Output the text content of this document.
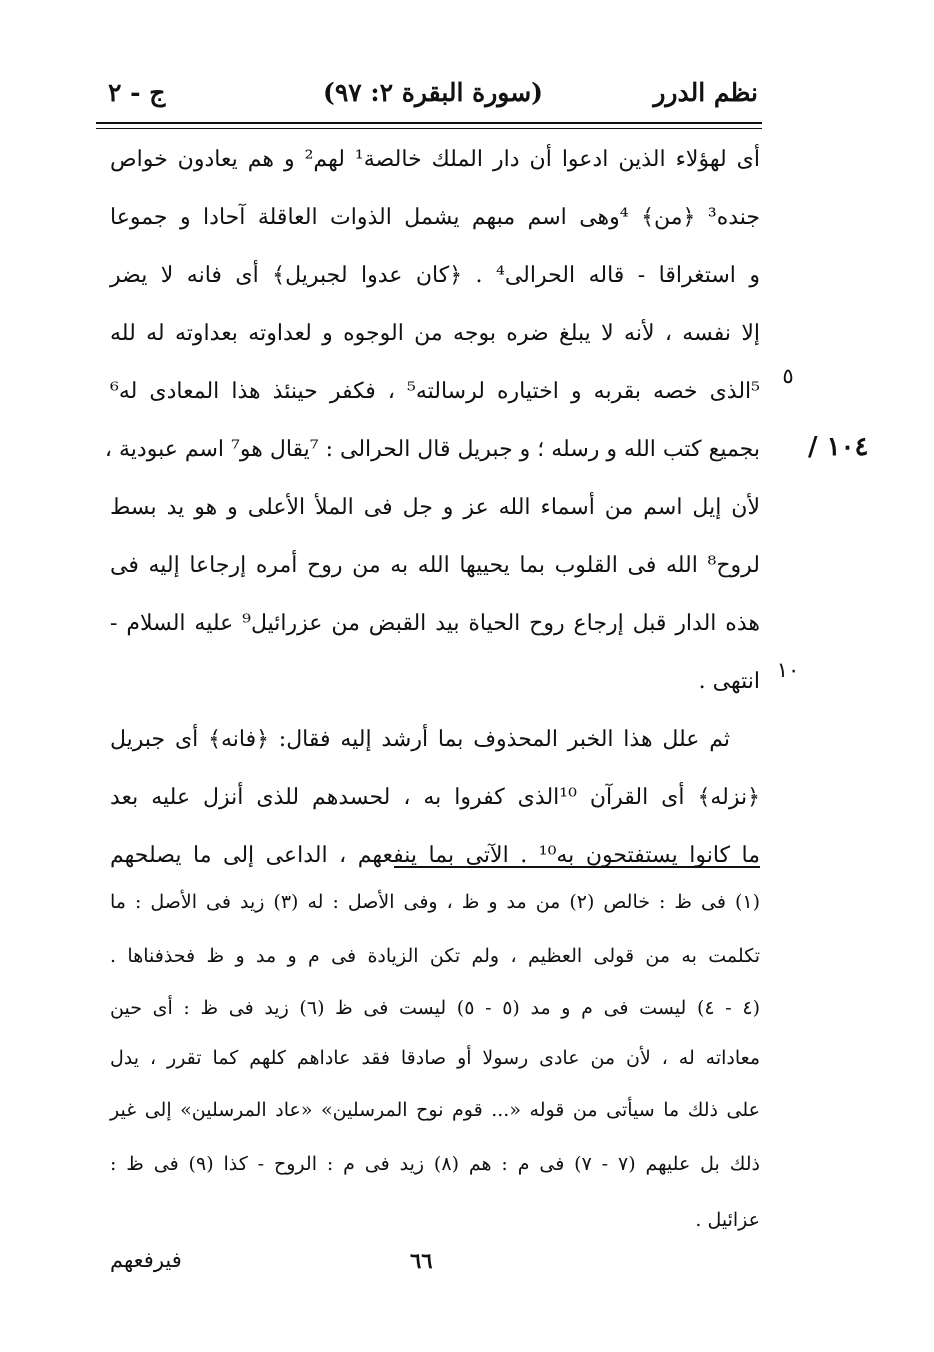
نظم الدرر
(سورة البقرة ٢: ٩٧)
ج - ٢
١٠٤ /
٥
١٠
أى لهؤلاء الذين ادعوا أن دار الملك خالصة¹ لهم² و هم يعادون خواص
جنده³ ﴿من﴾ ⁴وهى اسم مبهم يشمل الذوات العاقلة آحادا و جموعا
و استغراقا - قاله الحرالى⁴ . ﴿كان عدوا لجبريل﴾ أى فانه لا يضر
إلا نفسه ، لأنه لا يبلغ ضره بوجه من الوجوه و لعداوته بعداوته له لله
⁵الذى خصه بقربه و اختياره لرسالته⁵ ، فكفر حينئذ هذا المعادى له⁶
بجميع كتب الله و رسله ؛ و جبريل قال الحرالى : ⁷يقال هو⁷ اسم عبودية ،
لأن إيل اسم من أسماء الله عز و جل فى الملأ الأعلى و هو يد بسط
لروح⁸ الله فى القلوب بما يحييها الله به من روح أمره إرجاعا إليه فى
هذه الدار قبل إرجاع روح الحياة بيد القبض من عزرائيل⁹ عليه السلام -
انتهى .
ثم علل هذا الخبر المحذوف بما أرشد إليه فقال: ﴿فانه﴾ أى جبريل
﴿نزله﴾ أى القرآن ¹⁰الذى كفروا به ، لحسدهم للذى أنزل عليه بعد
ما كانوا يستفتحون به¹⁰ . الآتى بما ينفعهم ، الداعى إلى ما يصلحهم
(١) فى ظ : خالص (٢) من مد و ظ ، وفى الأصل : له (٣) زيد فى الأصل : ما
تكلمت به من قولى العظيم ، ولم تكن الزيادة فى م و مد و ظ فحذفناها .
(٤ - ٤) ليست فى م و مد (٥ - ٥) ليست فى ظ (٦) زيد فى ظ : أى حين
معاداته له ، لأن من عادى رسولا أو صادقا فقد عاداهم كلهم كما تقرر ، يدل
على ذلك ما سيأتى من قوله «... قوم نوح المرسلين» «عاد المرسلين» إلى غير
ذلك بل عليهم (٧ - ٧) فى م : هم (٨) زيد فى م : الروح - كذا (٩) فى ظ :
عزائيل .
٦٦
فيرفعهم
